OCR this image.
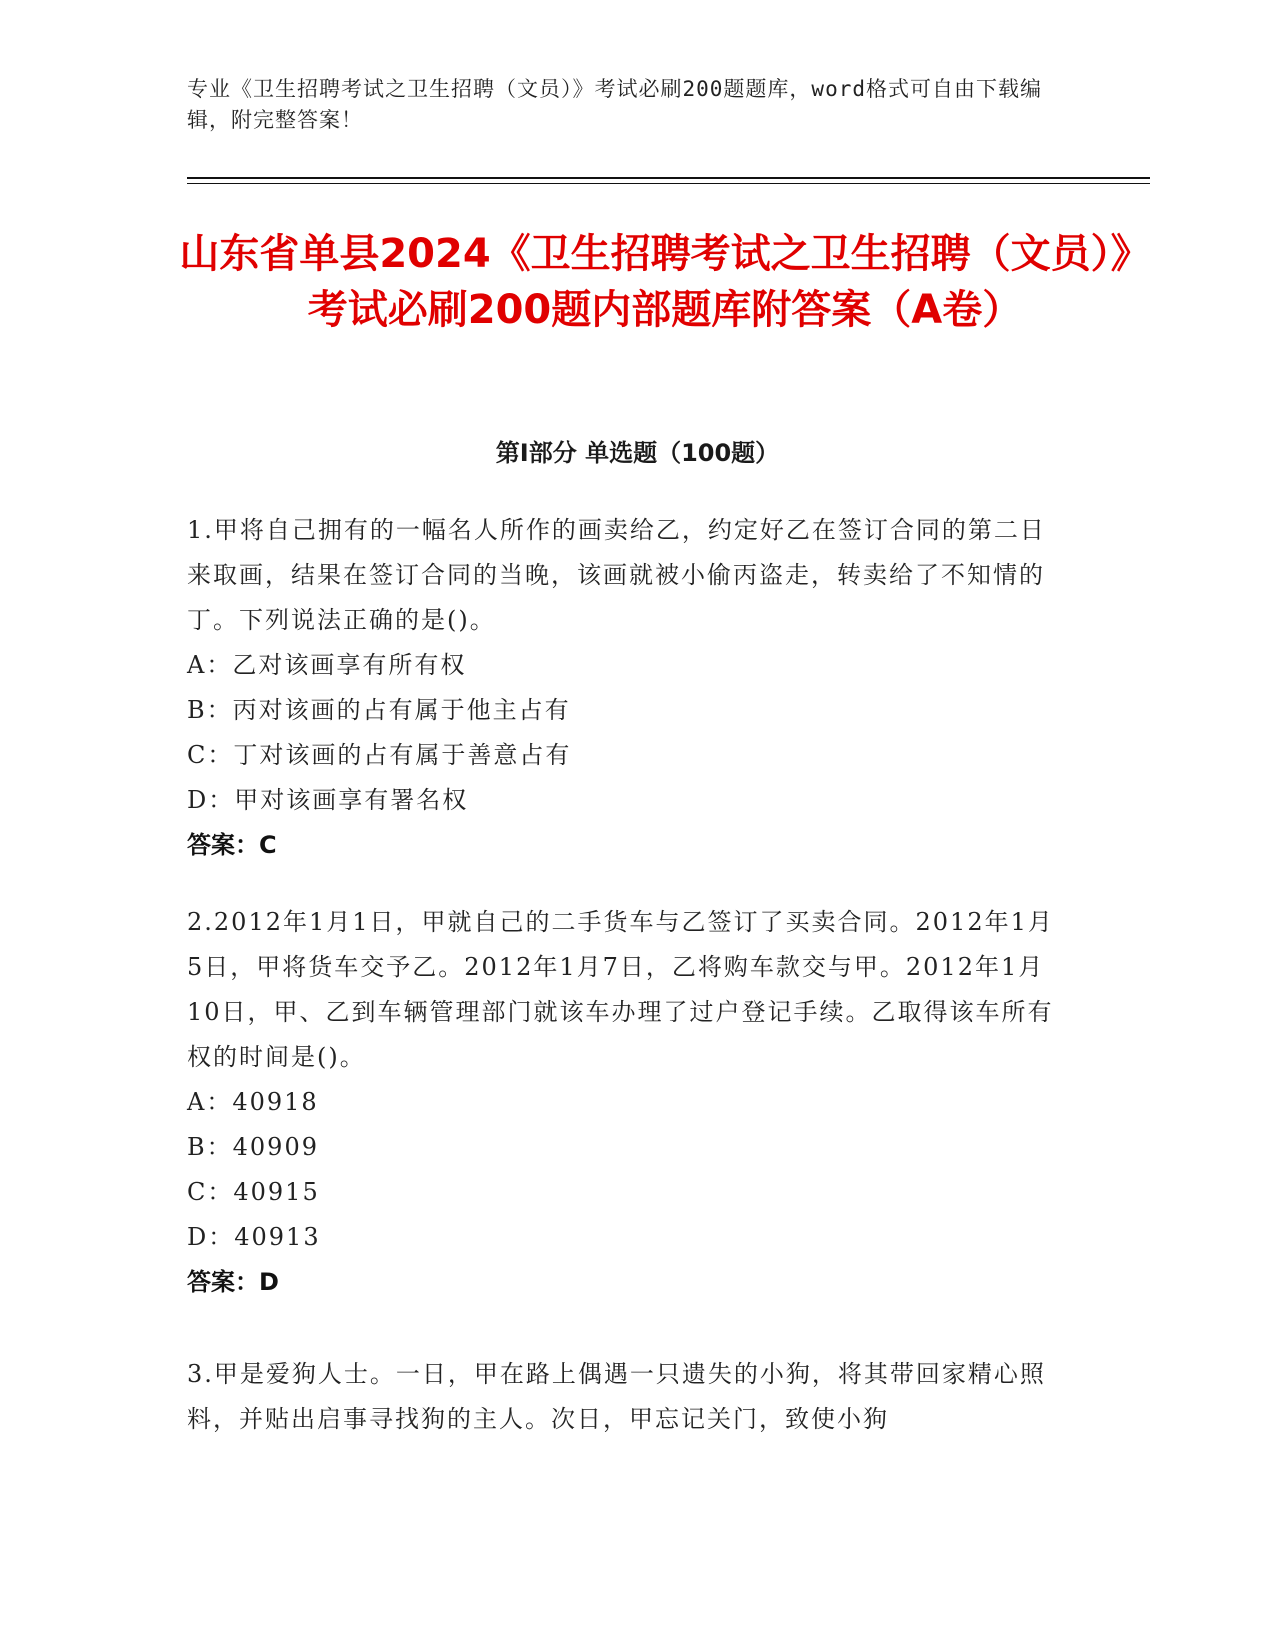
专业《卫生招聘考试之卫生招聘（文员）》考试必刷200题题库，word格式可自由下载编辑，附完整答案！
山东省单县2024《卫生招聘考试之卫生招聘（文员）》考试必刷200题内部题库附答案（A卷）
第I部分 单选题（100题）
1.甲将自己拥有的一幅名人所作的画卖给乙，约定好乙在签订合同的第二日来取画，结果在签订合同的当晚，该画就被小偷丙盗走，转卖给了不知情的丁。下列说法正确的是()。
A：乙对该画享有所有权
B：丙对该画的占有属于他主占有
C：丁对该画的占有属于善意占有
D：甲对该画享有署名权
答案：C
2.2012年1月1日，甲就自己的二手货车与乙签订了买卖合同。2012年1月5日，甲将货车交予乙。2012年1月7日，乙将购车款交与甲。2012年1月10日，甲、乙到车辆管理部门就该车办理了过户登记手续。乙取得该车所有权的时间是()。
A：40918
B：40909
C：40915
D：40913
答案：D
3.甲是爱狗人士。一日，甲在路上偶遇一只遗失的小狗，将其带回家精心照料，并贴出启事寻找狗的主人。次日，甲忘记关门，致使小狗
